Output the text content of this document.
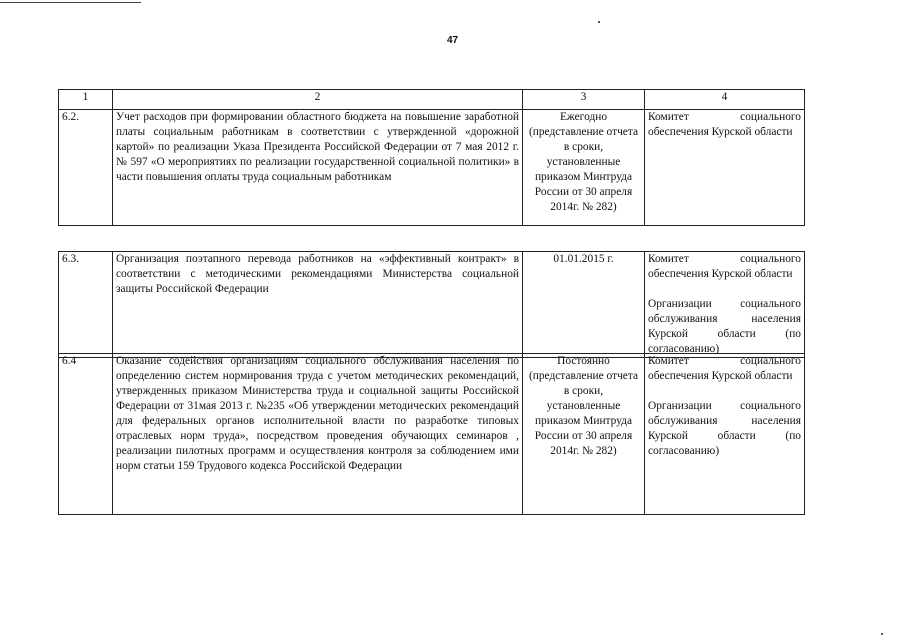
47
1	2	3	4
6.2.	Учет расходов при формировании областного бюджета на повышение заработной платы социальным работникам в соответствии с утвержденной «дорожной картой» по реализации Указа Президента Российской Федерации от 7 мая 2012 г. № 597 «О мероприятиях по реализации государственной социальной политики» в части повышения оплаты труда социальным работникам	Ежегодно (представление отчета в сроки, установленные приказом Минтруда России от 30 апреля 2014г. № 282)	Комитет социального обеспечения Курской области
6.3.	Организация поэтапного перевода работников на «эффективный контракт» в соответствии с методическими рекомендациями Министерства социальной защиты Российской Федерации	01.01.2015 г.	Комитет социального обеспечения Курской области
Организации социального обслуживания населения Курской области (по согласованию)
6.4	Оказание содействия организациям социального обслуживания населения по определению систем нормирования труда с учетом методических рекомендаций, утвержденных приказом Министерства труда и социальной защиты Российской Федерации от 31мая 2013 г. №235 «Об утверждении методических рекомендаций для федеральных органов исполнительной власти по разработке типовых отраслевых норм труда», посредством проведения обучающих семинаров , реализации пилотных программ и осуществления контроля за соблюдением ими норм статьи 159 Трудового кодекса Российской Федерации	Постоянно (представление отчета в сроки, установленные приказом Минтруда России от 30 апреля 2014г. № 282)	Комитет социального обеспечения Курской области
Организации социального обслуживания населения Курской области (по согласованию)
